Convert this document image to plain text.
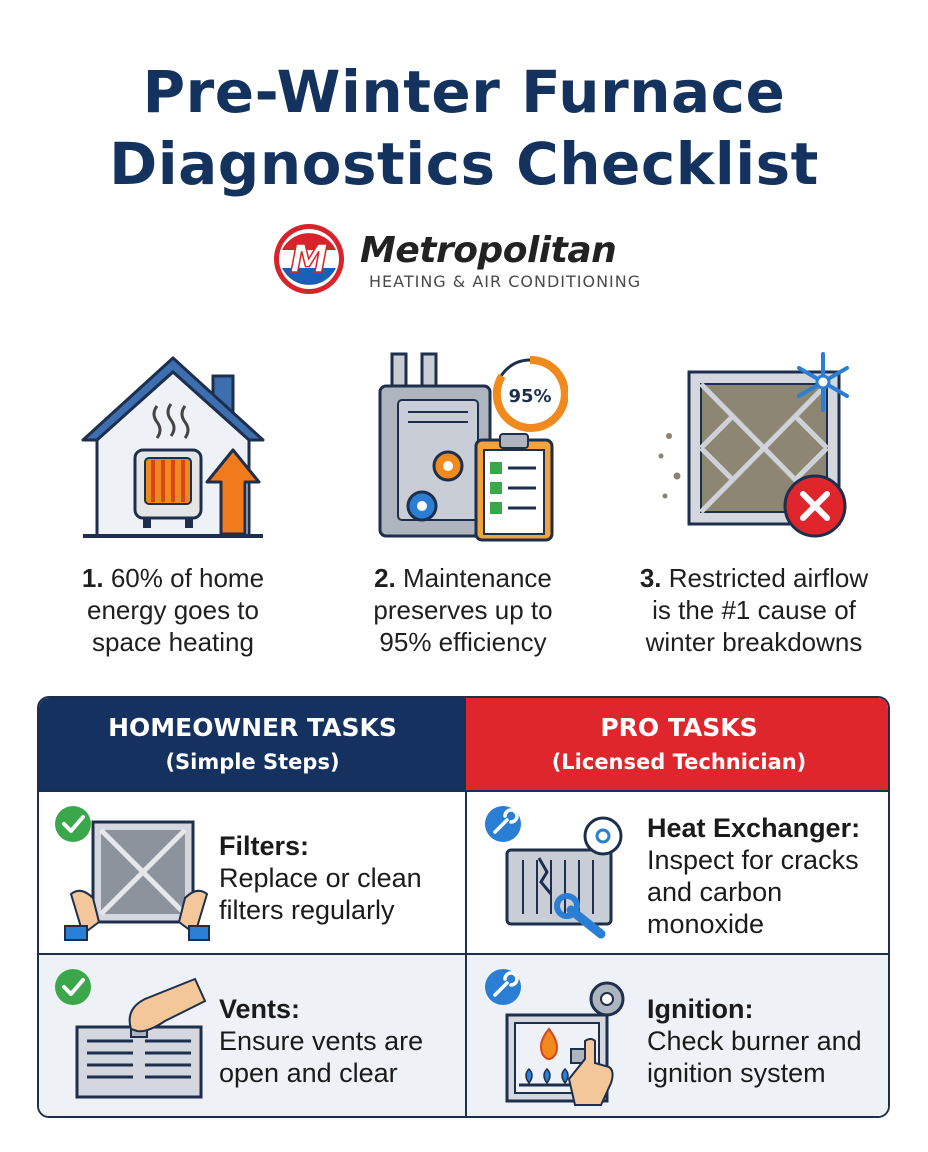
Pre-Winter Furnace
Diagnostics Checklist
M Metropolitan
HEATING & AIR CONDITIONING
1. 60% of home
energy goes to
space heating
95%
2. Maintenance
preserves up to
95% efficiency
3. Restricted airflow
is the #1 cause of
winter breakdowns
HOMEOWNER TASKS
(Simple Steps)
PRO TASKS
(Licensed Technician)
Filters:
Replace or clean
filters regularly
Heat Exchanger:
Inspect for cracks
and carbon
monoxide
Vents:
Ensure vents are
open and clear
Ignition:
Check burner and
ignition system
